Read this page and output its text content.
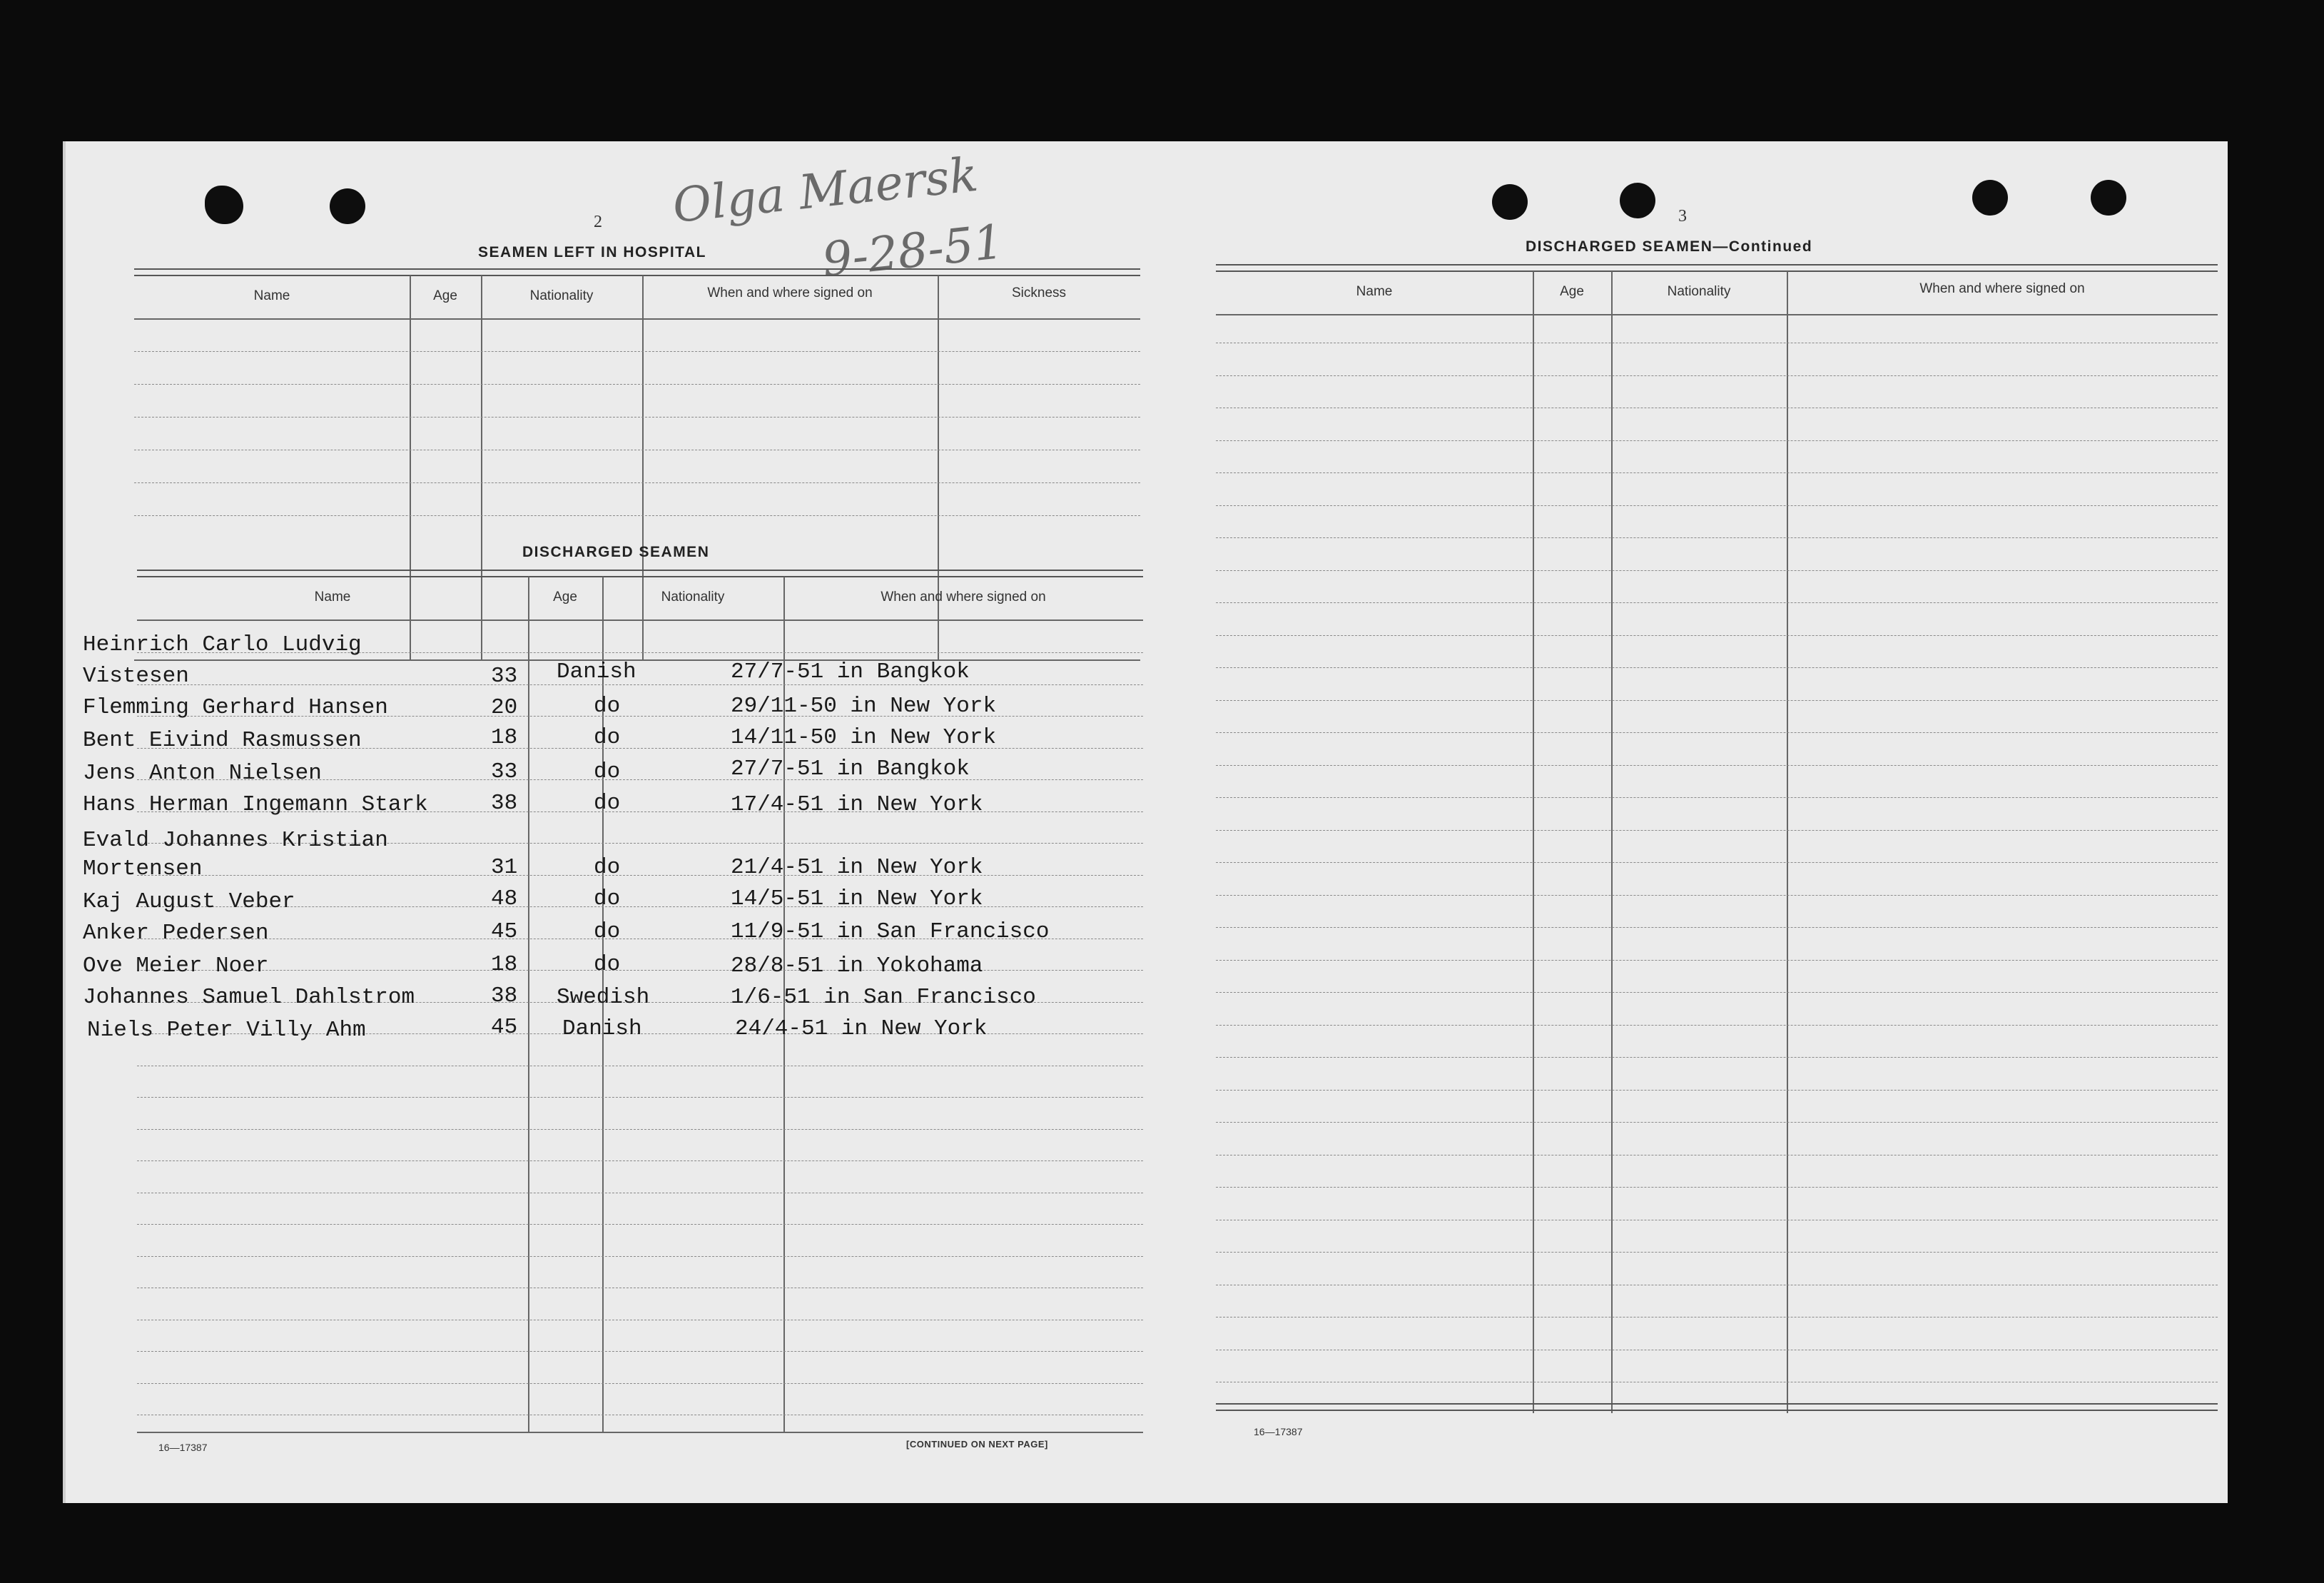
Olga Maersk
9-28-51
2
SEAMEN LEFT IN HOSPITAL
Name	Age	Nationality	When and where signed on	Sickness
DISCHARGED SEAMEN
Name	Age	Nationality	When and where signed on
Heinrich Carlo Ludvig
Vistesen	33 Danish	27/7-51 in Bangkok
Flemming Gerhard Hansen	20	do	29/11-50 in New York
Bent Eivind Rasmussen	18	do	14/11-50 in New York
Jens Anton Nielsen	33	do	27/7-51 in Bangkok
Hans Herman Ingemann Stark	38	do	17/4-51 in New York
Evald Johannes Kristian
Mortensen	31	do	21/4-51 in New York
Kaj August Veber	48	do	14/5-51 in New York
Anker Pedersen	45	do	11/9-51 in San Francisco
Ove Meier Noer	18	do	28/8-51 in Yokohama
Johannes Samuel Dahlstrom	38 Swedish	1/6-51 in San Francisco
Niels Peter Villy Ahm	45 Danish	24/4-51 in New York
16—17387	[CONTINUED ON NEXT PAGE]
3
DISCHARGED SEAMEN—Continued
Name	Age	Nationality	When and where signed on
16—17387
